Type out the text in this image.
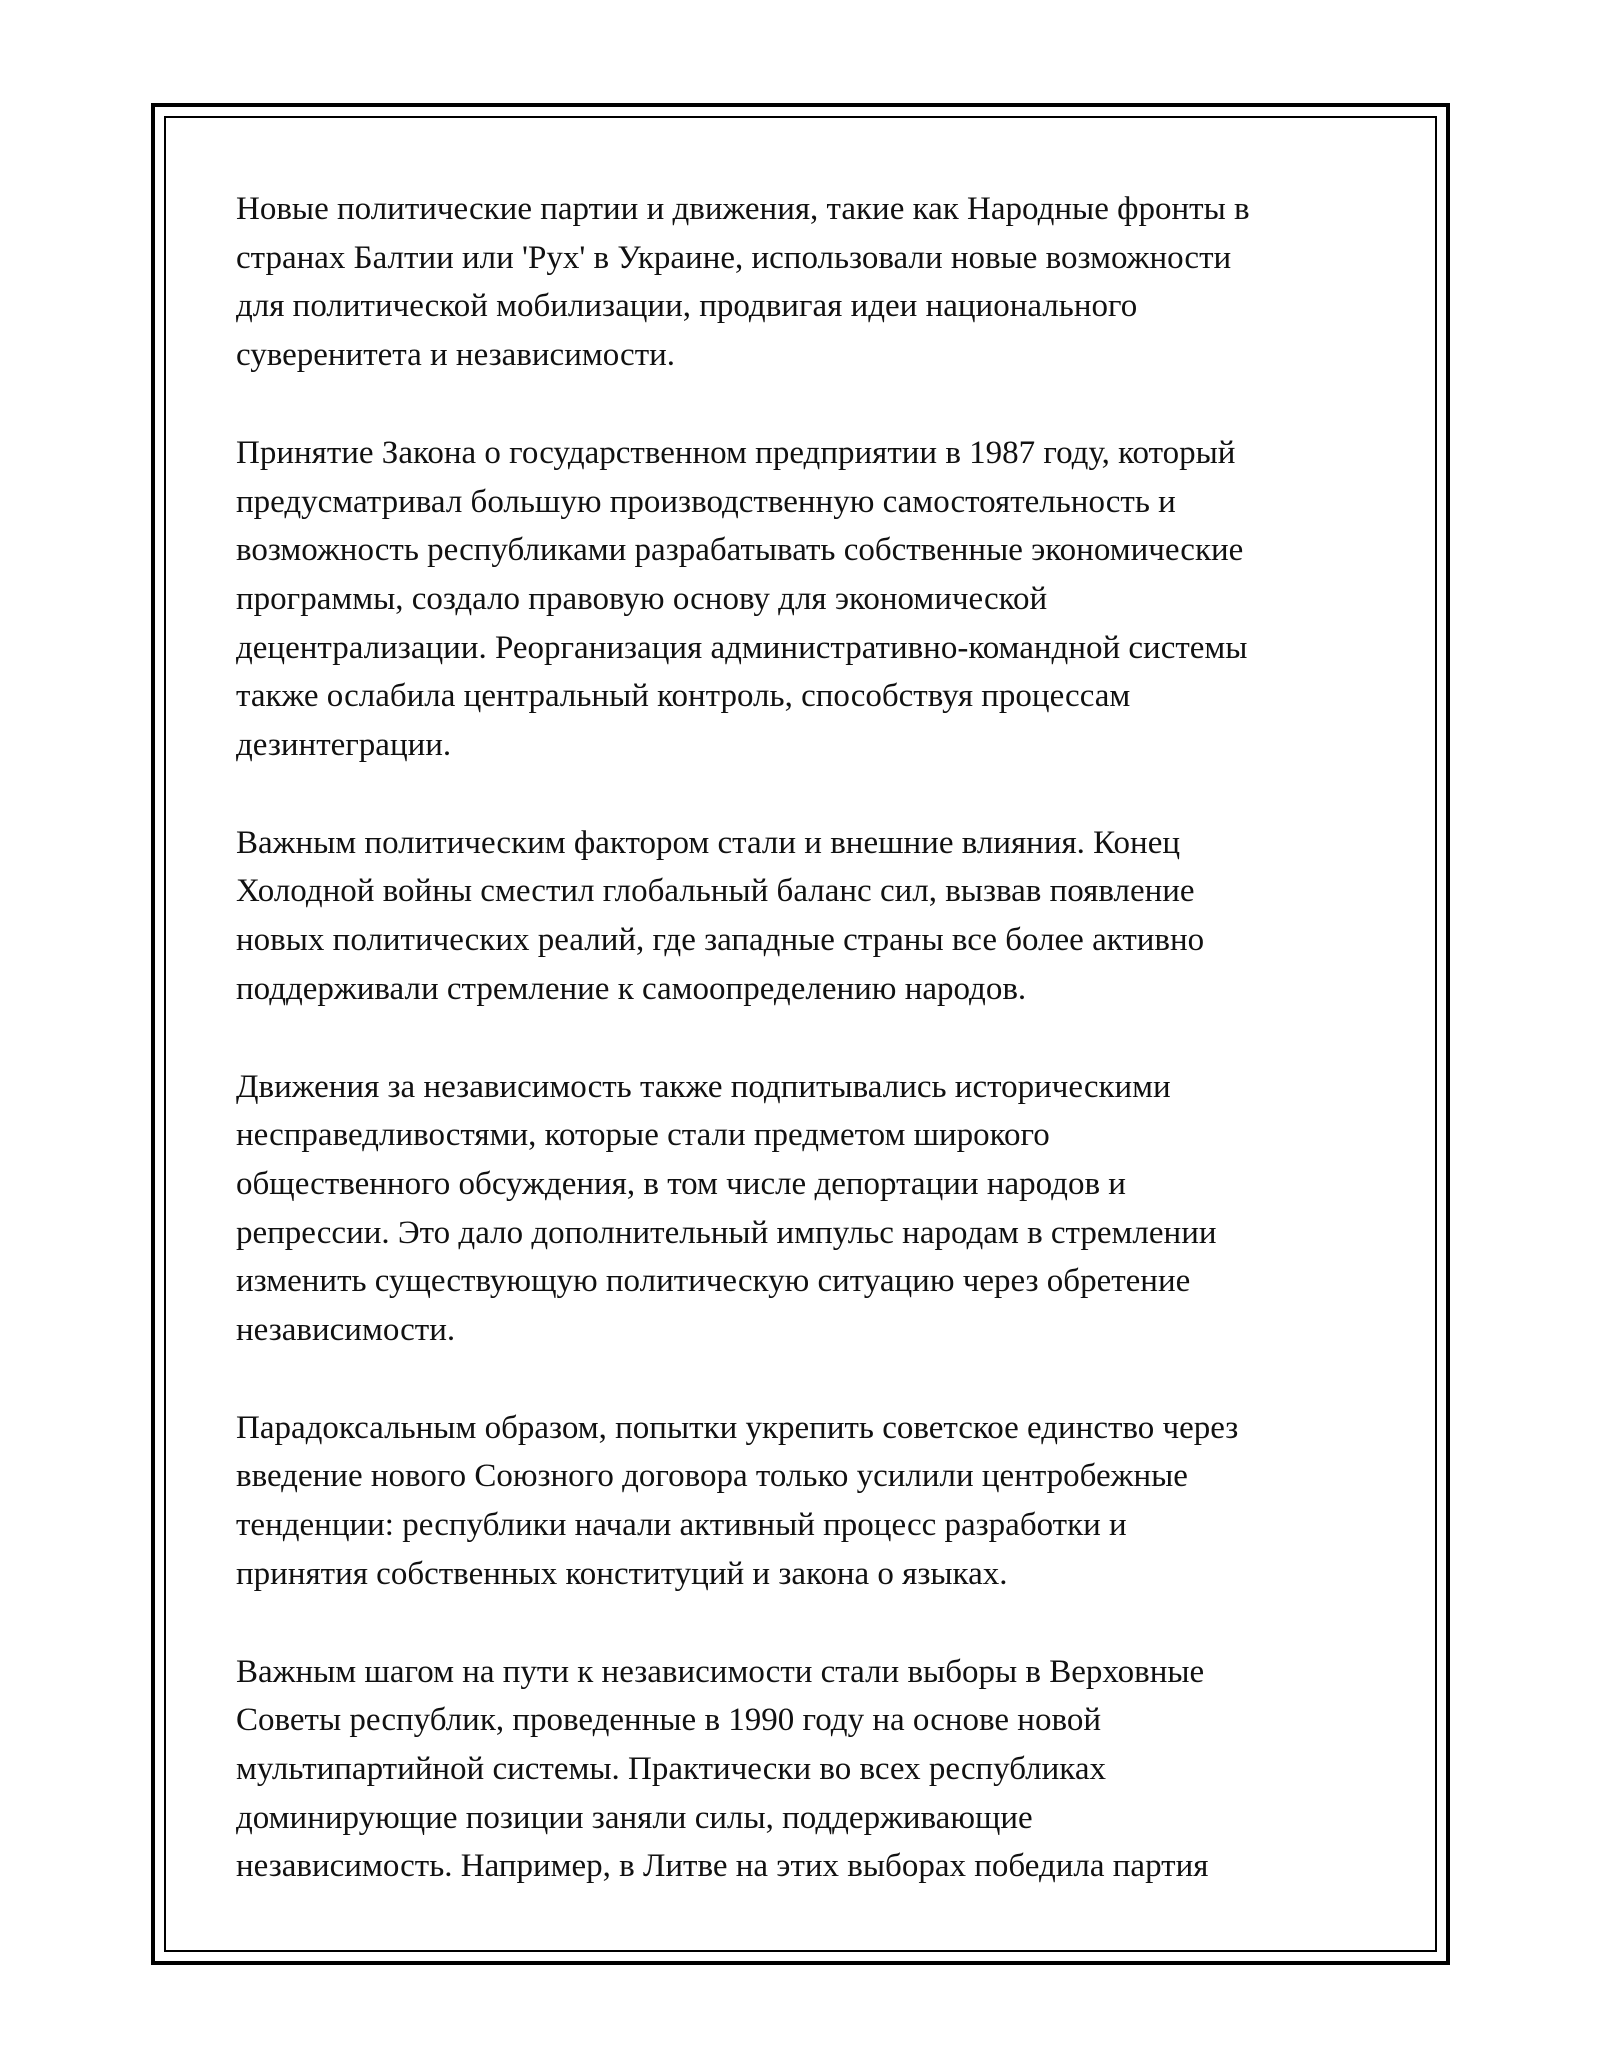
Новые политические партии и движения, такие как Народные фронты в
странах Балтии или 'Рух' в Украине, использовали новые возможности
для политической мобилизации, продвигая идеи национального
суверенитета и независимости.

Принятие Закона о государственном предприятии в 1987 году, который
предусматривал большую производственную самостоятельность и
возможность республиками разрабатывать собственные экономические
программы, создало правовую основу для экономической
децентрализации. Реорганизация административно-командной системы
также ослабила центральный контроль, способствуя процессам
дезинтеграции.

Важным политическим фактором стали и внешние влияния. Конец
Холодной войны сместил глобальный баланс сил, вызвав появление
новых политических реалий, где западные страны все более активно
поддерживали стремление к самоопределению народов.

Движения за независимость также подпитывались историческими
несправедливостями, которые стали предметом широкого
общественного обсуждения, в том числе депортации народов и
репрессии. Это дало дополнительный импульс народам в стремлении
изменить существующую политическую ситуацию через обретение
независимости.

Парадоксальным образом, попытки укрепить советское единство через
введение нового Союзного договора только усилили центробежные
тенденции: республики начали активный процесс разработки и
принятия собственных конституций и закона о языках.

Важным шагом на пути к независимости стали выборы в Верховные
Советы республик, проведенные в 1990 году на основе новой
мультипартийной системы. Практически во всех республиках
доминирующие позиции заняли силы, поддерживающие
независимость. Например, в Литве на этих выборах победила партия
